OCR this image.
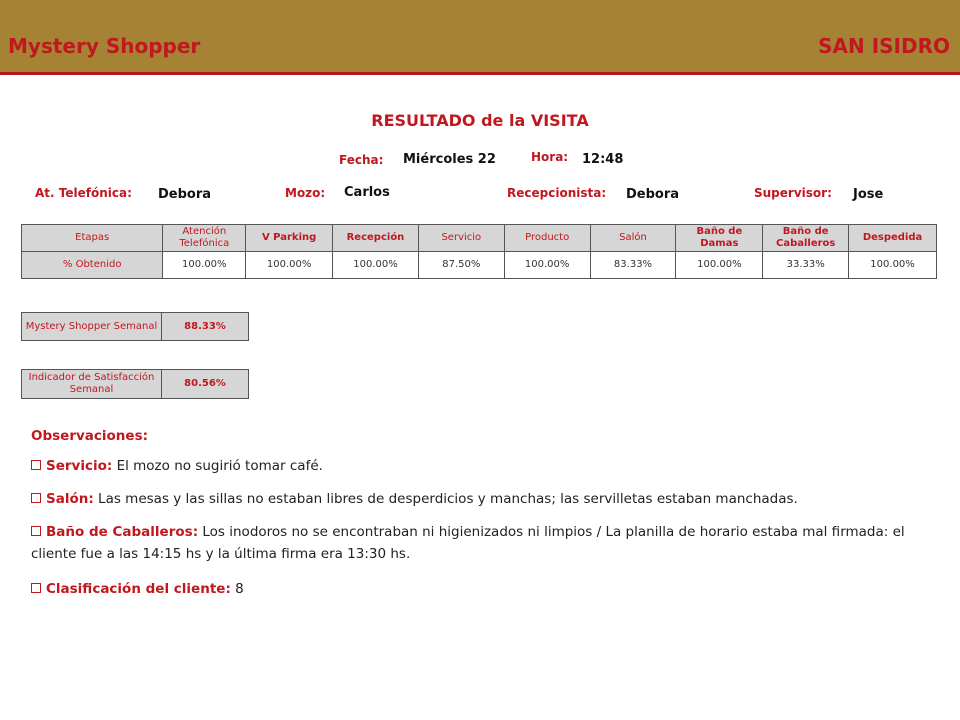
Mystery Shopper	SAN ISIDRO
RESULTADO de la VISITA
Fecha: Miércoles 22	Hora: 12:48
At. Telefónica: Debora	Mozo: Carlos	Recepcionista: Debora	Supervisor: Jose
Etapas	Atención Telefónica	V Parking	Recepción	Servicio	Producto	Salón	Baño de Damas	Baño de Caballeros	Despedida
% Obtenido	100.00%	100.00%	100.00%	87.50%	100.00%	83.33%	100.00%	33.33%	100.00%
Mystery Shopper Semanal	88.33%
Indicador de Satisfacción Semanal	80.56%
Observaciones:
Servicio: El mozo no sugirió tomar café.
Salón: Las mesas y las sillas no estaban libres de desperdicios y manchas; las servilletas estaban manchadas.
Baño de Caballeros: Los inodoros no se encontraban ni higienizados ni limpios / La planilla de horario estaba mal firmada: el cliente fue a las 14:15 hs y la última firma era 13:30 hs.
Clasificación del cliente: 8
